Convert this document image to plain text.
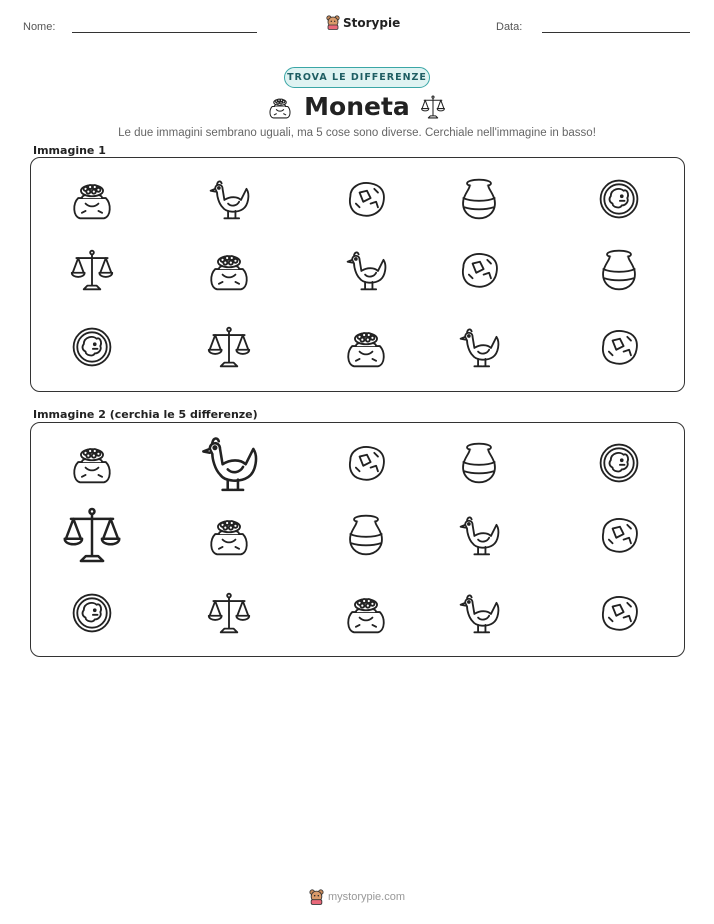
Nome:	Storypie	Data:
TROVA LE DIFFERENZE
Moneta
Le due immagini sembrano uguali, ma 5 cose sono diverse. Cerchiale nell'immagine in basso!
Immagine 1
Immagine 2 (cerchia le 5 differenze)
mystorypie.com
